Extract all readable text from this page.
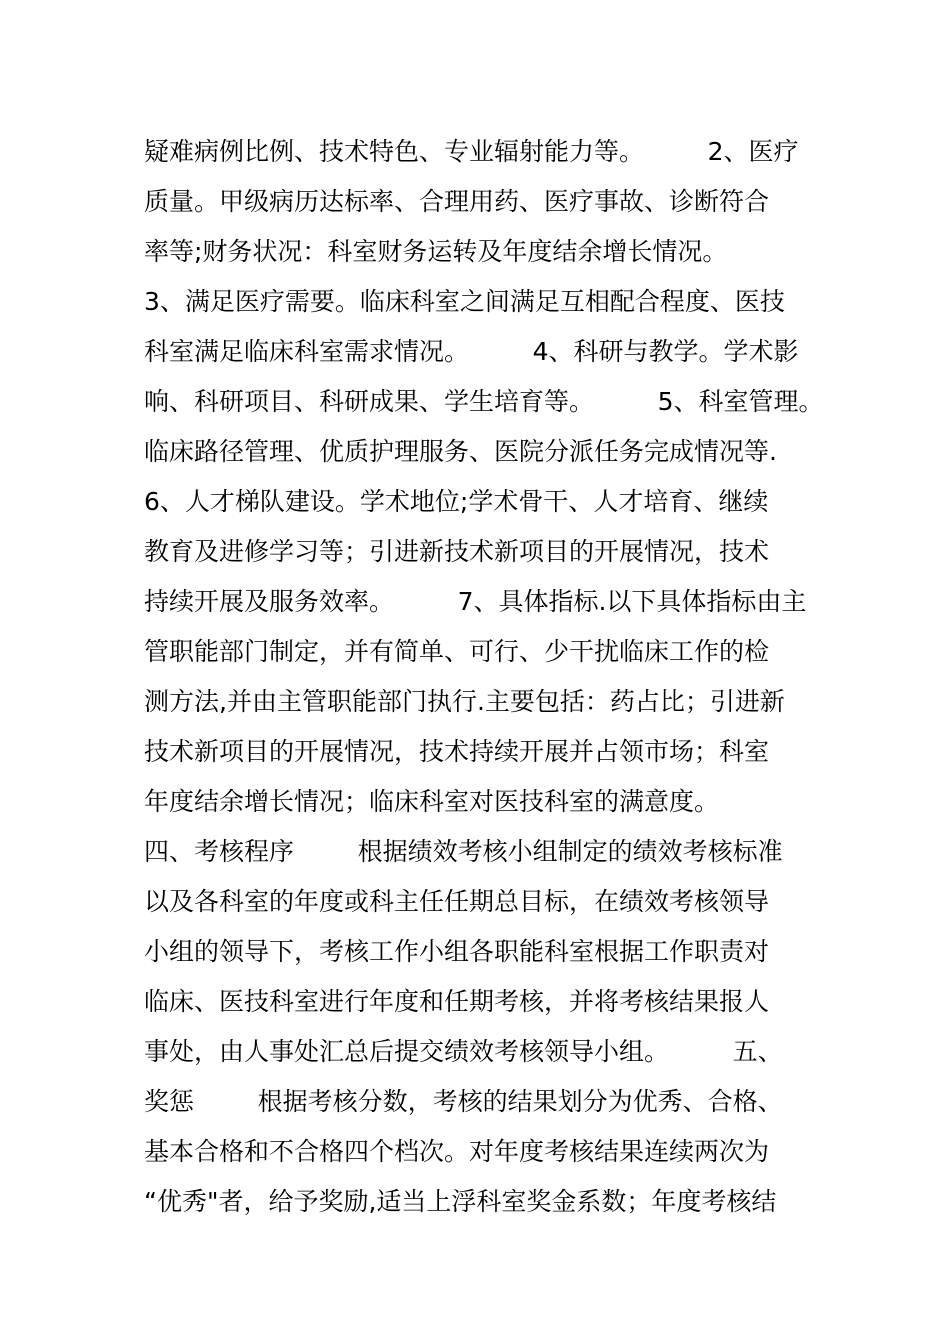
疑难病例比例、技术特色、专业辐射能力等。        2、医疗
质量。甲级病历达标率、合理用药、医疗事故、诊断符合
率等;财务状况：科室财务运转及年度结余增长情况。
3、满足医疗需要。临床科室之间满足互相配合程度、医技
科室满足临床科室需求情况。        4、科研与教学。学术影
响、科研项目、科研成果、学生培育等。        5、科室管理。
临床路径管理、优质护理服务、医院分派任务完成情况等.
6、人才梯队建设。学术地位;学术骨干、人才培育、继续
教育及进修学习等；引进新技术新项目的开展情况，技术
持续开展及服务效率。        7、具体指标.以下具体指标由主
管职能部门制定，并有简单、可行、少干扰临床工作的检
测方法,并由主管职能部门执行.主要包括：药占比；引进新
技术新项目的开展情况，技术持续开展并占领市场；科室
年度结余增长情况；临床科室对医技科室的满意度。
四、考核程序        根据绩效考核小组制定的绩效考核标准
以及各科室的年度或科主任任期总目标，在绩效考核领导
小组的领导下，考核工作小组各职能科室根据工作职责对
临床、医技科室进行年度和任期考核，并将考核结果报人
事处，由人事处汇总后提交绩效考核领导小组。        五、
奖惩        根据考核分数，考核的结果划分为优秀、合格、
基本合格和不合格四个档次。对年度考核结果连续两次为
“优秀"者，给予奖励,适当上浮科室奖金系数；年度考核结
